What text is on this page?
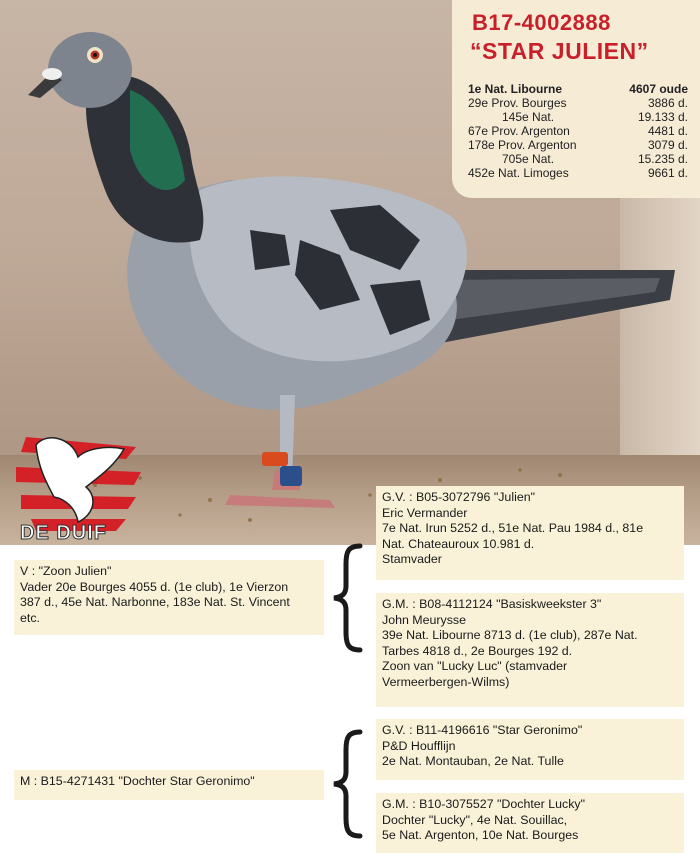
B17-4002888
“STAR JULIEN”
1e Nat. Libourne	4607 oude
29e Prov. Bourges	3886 d.
145e Nat.	19.133 d.
67e Prov. Argenton	4481 d.
178e Prov. Argenton	3079 d.
705e Nat.	15.235 d.
452e Nat. Limoges	9661 d.
DE DUIF
V : "Zoon Julien"
Vader 20e Bourges 4055 d. (1e club), 1e Vierzon
387 d., 45e Nat. Narbonne, 183e Nat. St. Vincent
etc.
M : B15-4271431 "Dochter Star Geronimo"
G.V. : B05-3072796 "Julien"
Eric Vermander
7e Nat. Irun 5252 d., 51e Nat. Pau 1984 d., 81e
Nat. Chateauroux 10.981 d.
Stamvader
G.M. : B08-4112124 "Basiskweekster 3"
John Meurysse
39e Nat. Libourne 8713 d. (1e club), 287e Nat.
Tarbes 4818 d., 2e Bourges 192 d.
Zoon van "Lucky Luc" (stamvader
Vermeerbergen-Wilms)
G.V. : B11-4196616 "Star Geronimo"
P&D Houfflijn
2e Nat. Montauban, 2e Nat. Tulle
G.M. : B10-3075527 "Dochter Lucky"
Dochter "Lucky", 4e Nat. Souillac,
5e Nat. Argenton, 10e Nat. Bourges
